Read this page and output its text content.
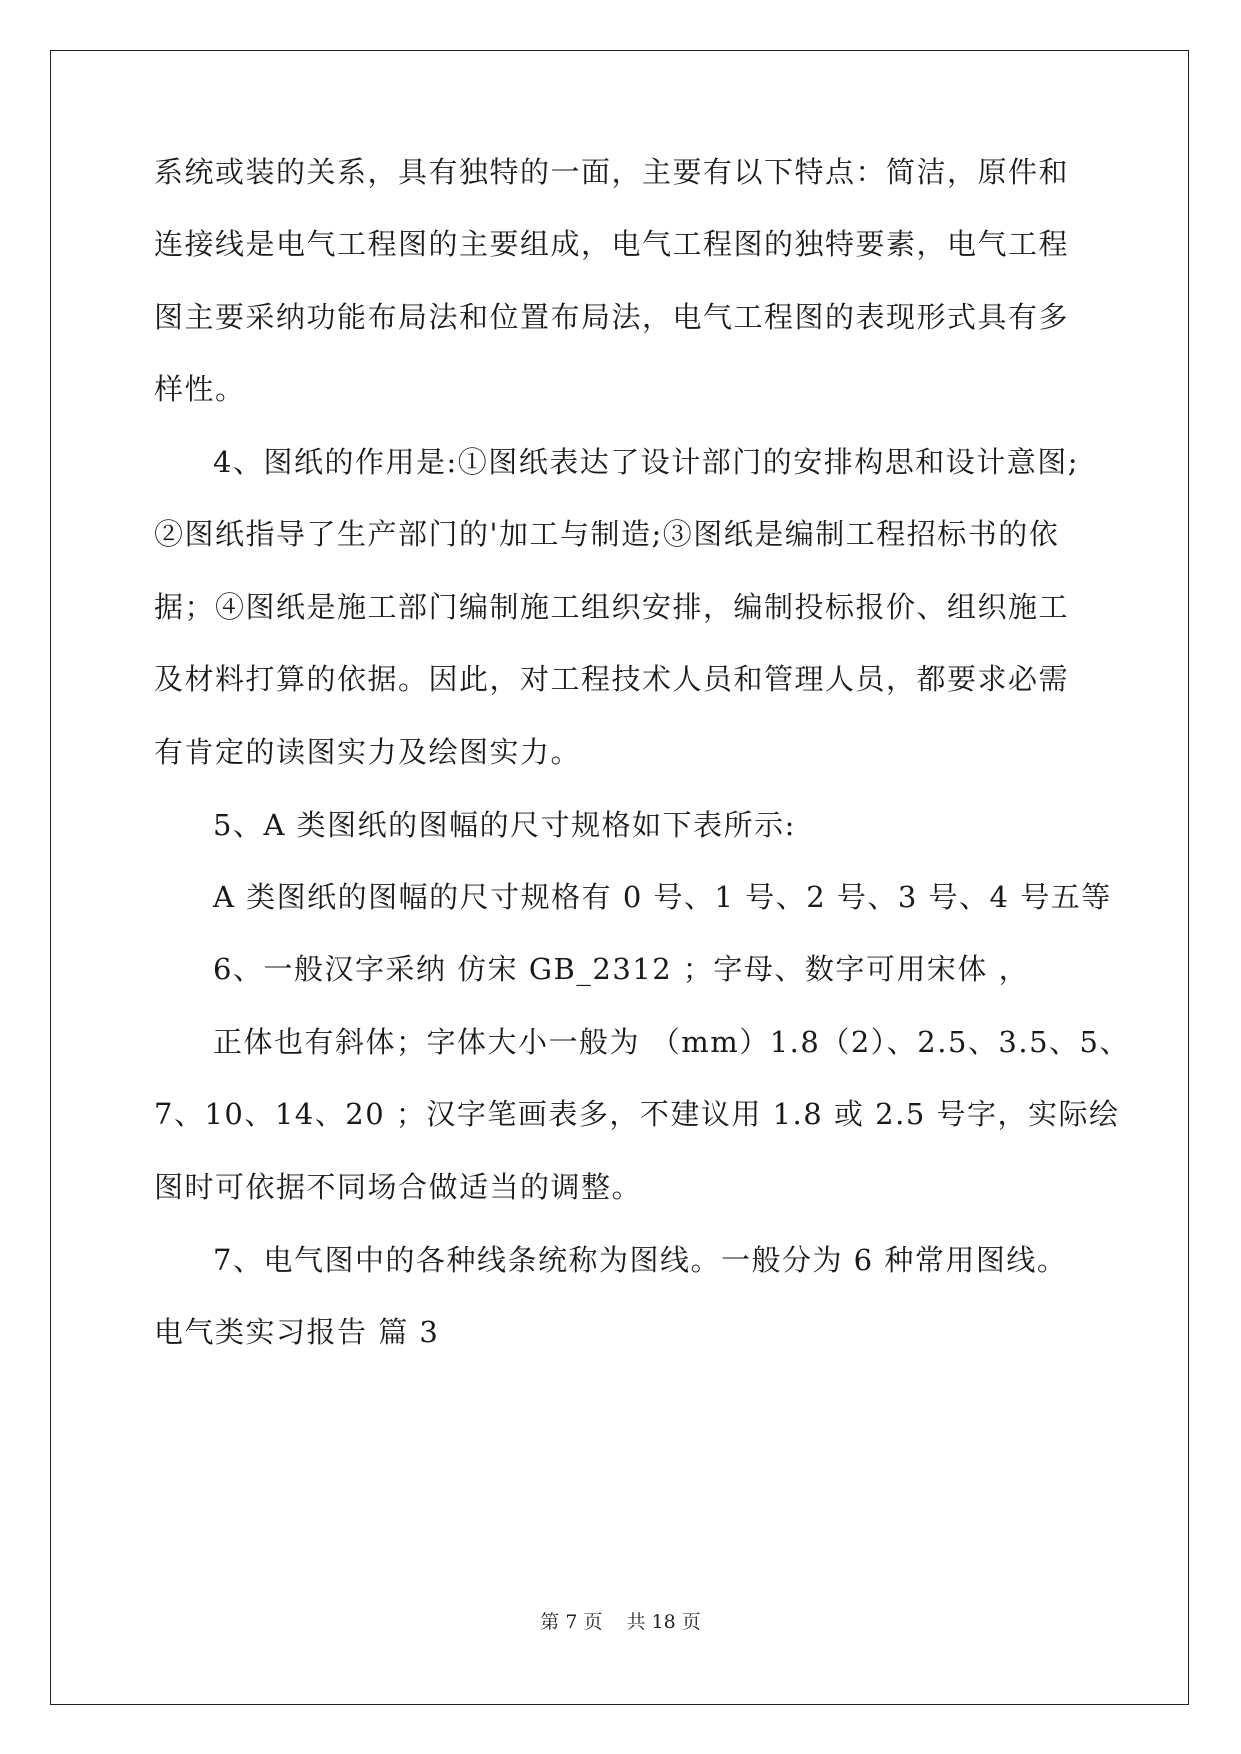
系统或装的关系，具有独特的一面，主要有以下特点：简洁，原件和
连接线是电气工程图的主要组成，电气工程图的独特要素，电气工程
图主要采纳功能布局法和位置布局法，电气工程图的表现形式具有多
样性。
4、图纸的作用是:①图纸表达了设计部门的安排构思和设计意图;
②图纸指导了生产部门的'加工与制造;③图纸是编制工程招标书的依
据；④图纸是施工部门编制施工组织安排，编制投标报价、组织施工
及材料打算的依据。因此，对工程技术人员和管理人员，都要求必需
有肯定的读图实力及绘图实力。
5、A 类图纸的图幅的尺寸规格如下表所示:
A 类图纸的图幅的尺寸规格有 0 号、1 号、2 号、3 号、4 号五等
6、一般汉字采纳 仿宋 GB_2312 ；字母、数字可用宋体 ，
正体也有斜体；字体大小一般为 （mm）1.8（2）、2.5、3.5、5、
7、10、14、20 ；汉字笔画表多，不建议用 1.8 或 2.5 号字，实际绘
图时可依据不同场合做适当的调整。
7、电气图中的各种线条统称为图线。一般分为 6 种常用图线。
电气类实习报告 篇 3
第 7 页 共 18 页
